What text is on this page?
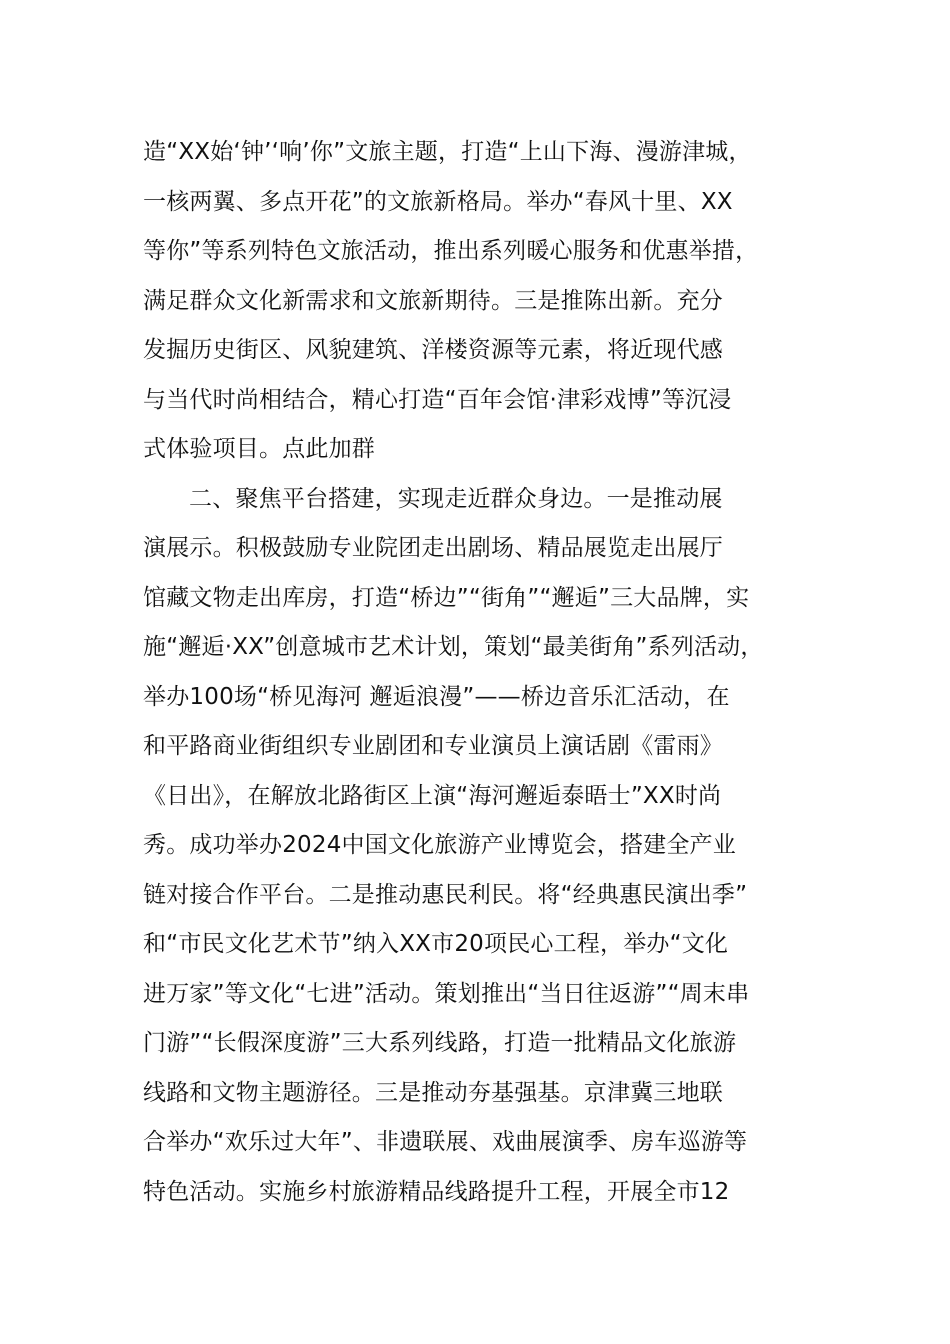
造“XX始‘钟’‘响’你”文旅主题，打造“上山下海、漫游津城，
一核两翼、多点开花”的文旅新格局。举办“春风十里、XX
等你”等系列特色文旅活动，推出系列暖心服务和优惠举措，
满足群众文化新需求和文旅新期待。三是推陈出新。充分
发掘历史街区、风貌建筑、洋楼资源等元素，将近现代感
与当代时尚相结合，精心打造“百年会馆·津彩戏博”等沉浸
式体验项目。点此加群
二、聚焦平台搭建，实现走近群众身边。一是推动展
演展示。积极鼓励专业院团走出剧场、精品展览走出展厅
馆藏文物走出库房，打造“桥边”“街角”“邂逅”三大品牌，实
施“邂逅·XX”创意城市艺术计划，策划“最美街角”系列活动，
举办100场“桥见海河 邂逅浪漫”——桥边音乐汇活动，在
和平路商业街组织专业剧团和专业演员上演话剧《雷雨》
《日出》，在解放北路街区上演“海河邂逅泰晤士”XX时尚
秀。成功举办2024中国文化旅游产业博览会，搭建全产业
链对接合作平台。二是推动惠民利民。将“经典惠民演出季”
和“市民文化艺术节”纳入XX市20项民心工程，举办“文化
进万家”等文化“七进”活动。策划推出“当日往返游”“周末串
门游”“长假深度游”三大系列线路，打造一批精品文化旅游
线路和文物主题游径。三是推动夯基强基。京津冀三地联
合举办“欢乐过大年”、非遗联展、戏曲展演季、房车巡游等
特色活动。实施乡村旅游精品线路提升工程，开展全市12
